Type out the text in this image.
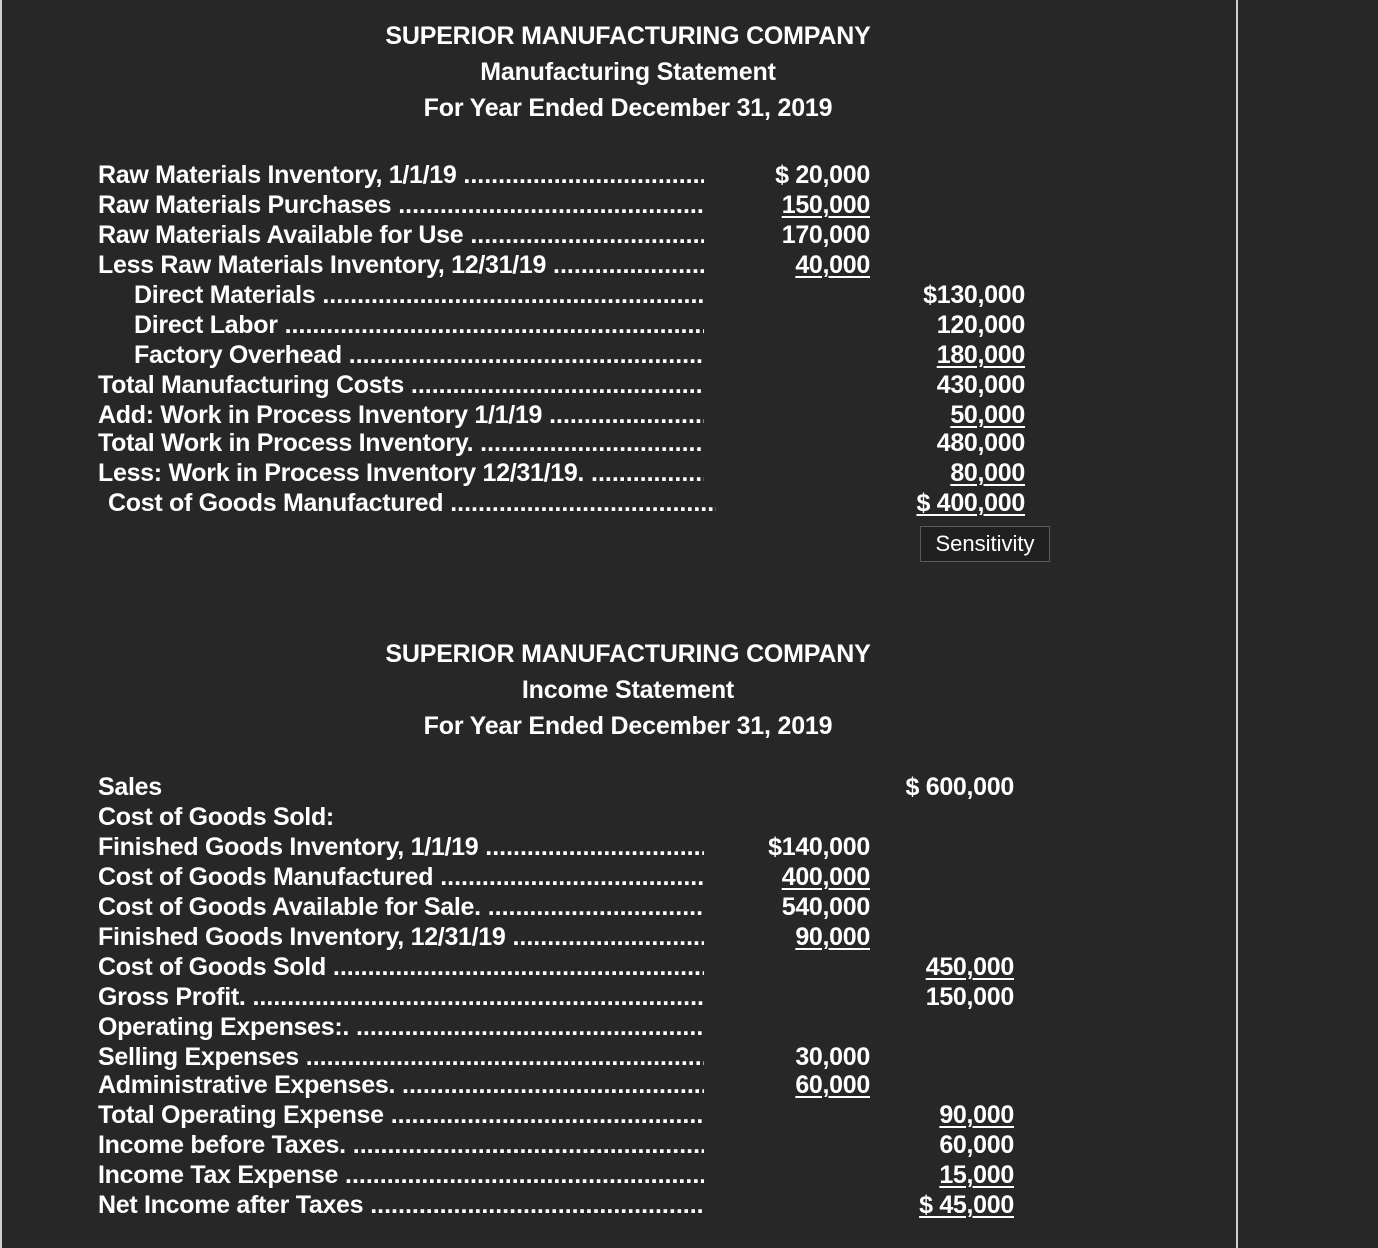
SUPERIOR MANUFACTURING COMPANY
Manufacturing Statement
For Year Ended December 31, 2019
Raw Materials Inventory, 1/1/19 .....	$ 20,000
Raw Materials Purchases .....	150,000
Raw Materials Available for Use .....	170,000
Less Raw Materials Inventory, 12/31/19 .....	40,000
Direct Materials .....	$130,000
Direct Labor .....	120,000
Factory Overhead .....	180,000
Total Manufacturing Costs .....	430,000
Add: Work in Process Inventory 1/1/19 .....	50,000
Total Work in Process Inventory. .....	480,000
Less: Work in Process Inventory 12/31/19. .....	80,000
Cost of Goods Manufactured .....	$ 400,000
Sensitivity
SUPERIOR MANUFACTURING COMPANY
Income Statement
For Year Ended December 31, 2019
Sales	$ 600,000
Cost of Goods Sold:
Finished Goods Inventory, 1/1/19 .....	$140,000
Cost of Goods Manufactured .....	400,000
Cost of Goods Available for Sale. .....	540,000
Finished Goods Inventory, 12/31/19 .....	90,000
Cost of Goods Sold .....	450,000
Gross Profit. .....	150,000
Operating Expenses:. .....
Selling Expenses .....	30,000
Administrative Expenses. .....	60,000
Total Operating Expense .....	90,000
Income before Taxes. .....	60,000
Income Tax Expense .....	15,000
Net Income after Taxes .....	$ 45,000
